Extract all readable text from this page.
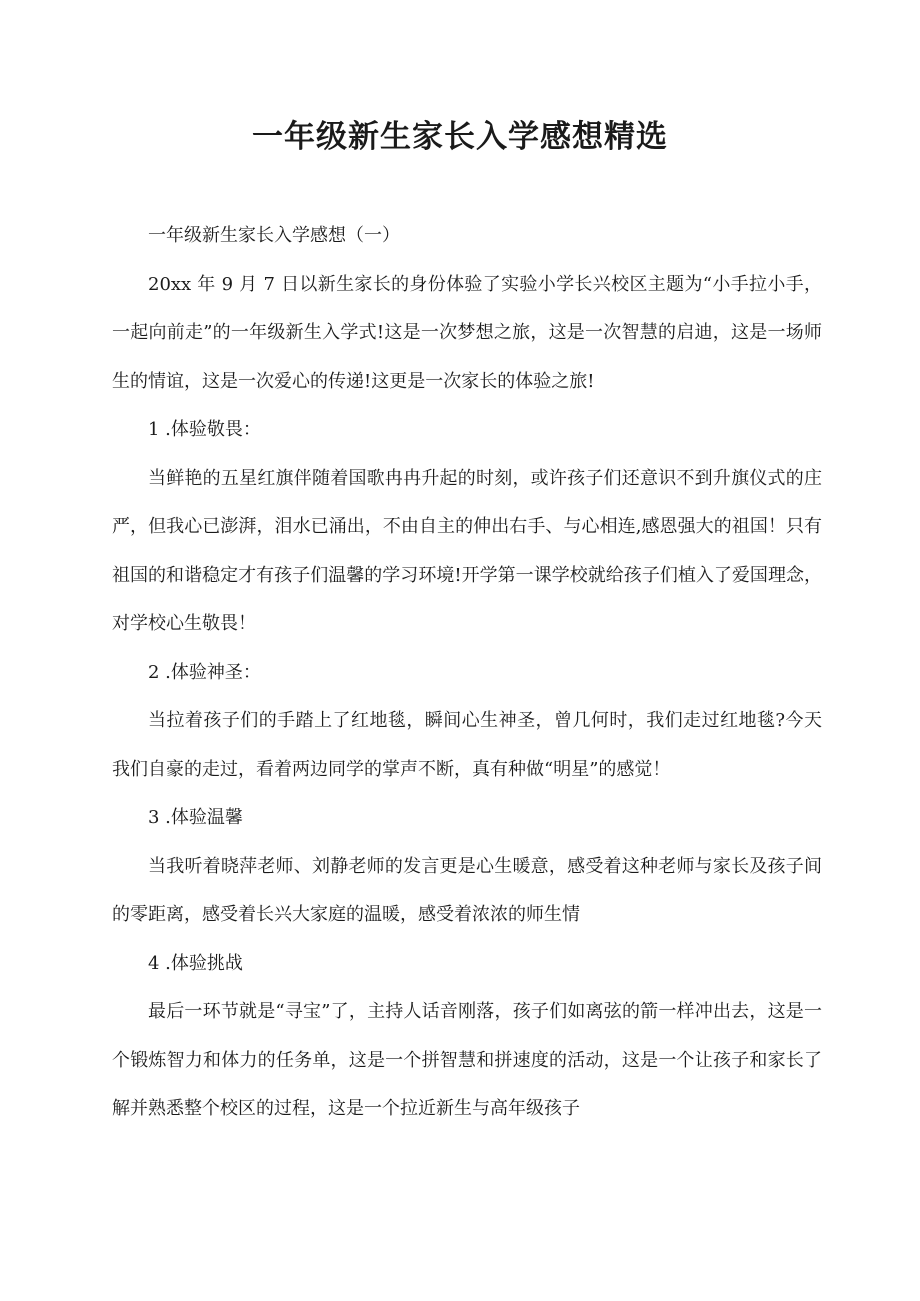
一年级新生家长入学感想精选

一年级新生家长入学感想（一）

20xx 年 9 月 7 日以新生家长的身份体验了实验小学长兴校区主题为“小手拉小手，一起向前走”的一年级新生入学式!这是一次梦想之旅，这是一次智慧的启迪，这是一场师生的情谊，这是一次爱心的传递!这更是一次家长的体验之旅!

1 .体验敬畏：

当鲜艳的五星红旗伴随着国歌冉冉升起的时刻，或许孩子们还意识不到升旗仪式的庄严，但我心已澎湃，泪水已涌出，不由自主的伸出右手、与心相连,感恩强大的祖国！只有祖国的和谐稳定才有孩子们温馨的学习环境!开学第一课学校就给孩子们植入了爱国理念，对学校心生敬畏！

2 .体验神圣：

当拉着孩子们的手踏上了红地毯，瞬间心生神圣，曾几何时，我们走过红地毯?今天我们自豪的走过，看着两边同学的掌声不断，真有种做“明星”的感觉！

3 .体验温馨

当我听着晓萍老师、刘静老师的发言更是心生暖意，感受着这种老师与家长及孩子间的零距离，感受着长兴大家庭的温暖，感受着浓浓的师生情

4 .体验挑战

最后一环节就是“寻宝”了，主持人话音刚落，孩子们如离弦的箭一样冲出去，这是一个锻炼智力和体力的任务单，这是一个拼智慧和拼速度的活动，这是一个让孩子和家长了解并熟悉整个校区的过程，这是一个拉近新生与高年级孩子
